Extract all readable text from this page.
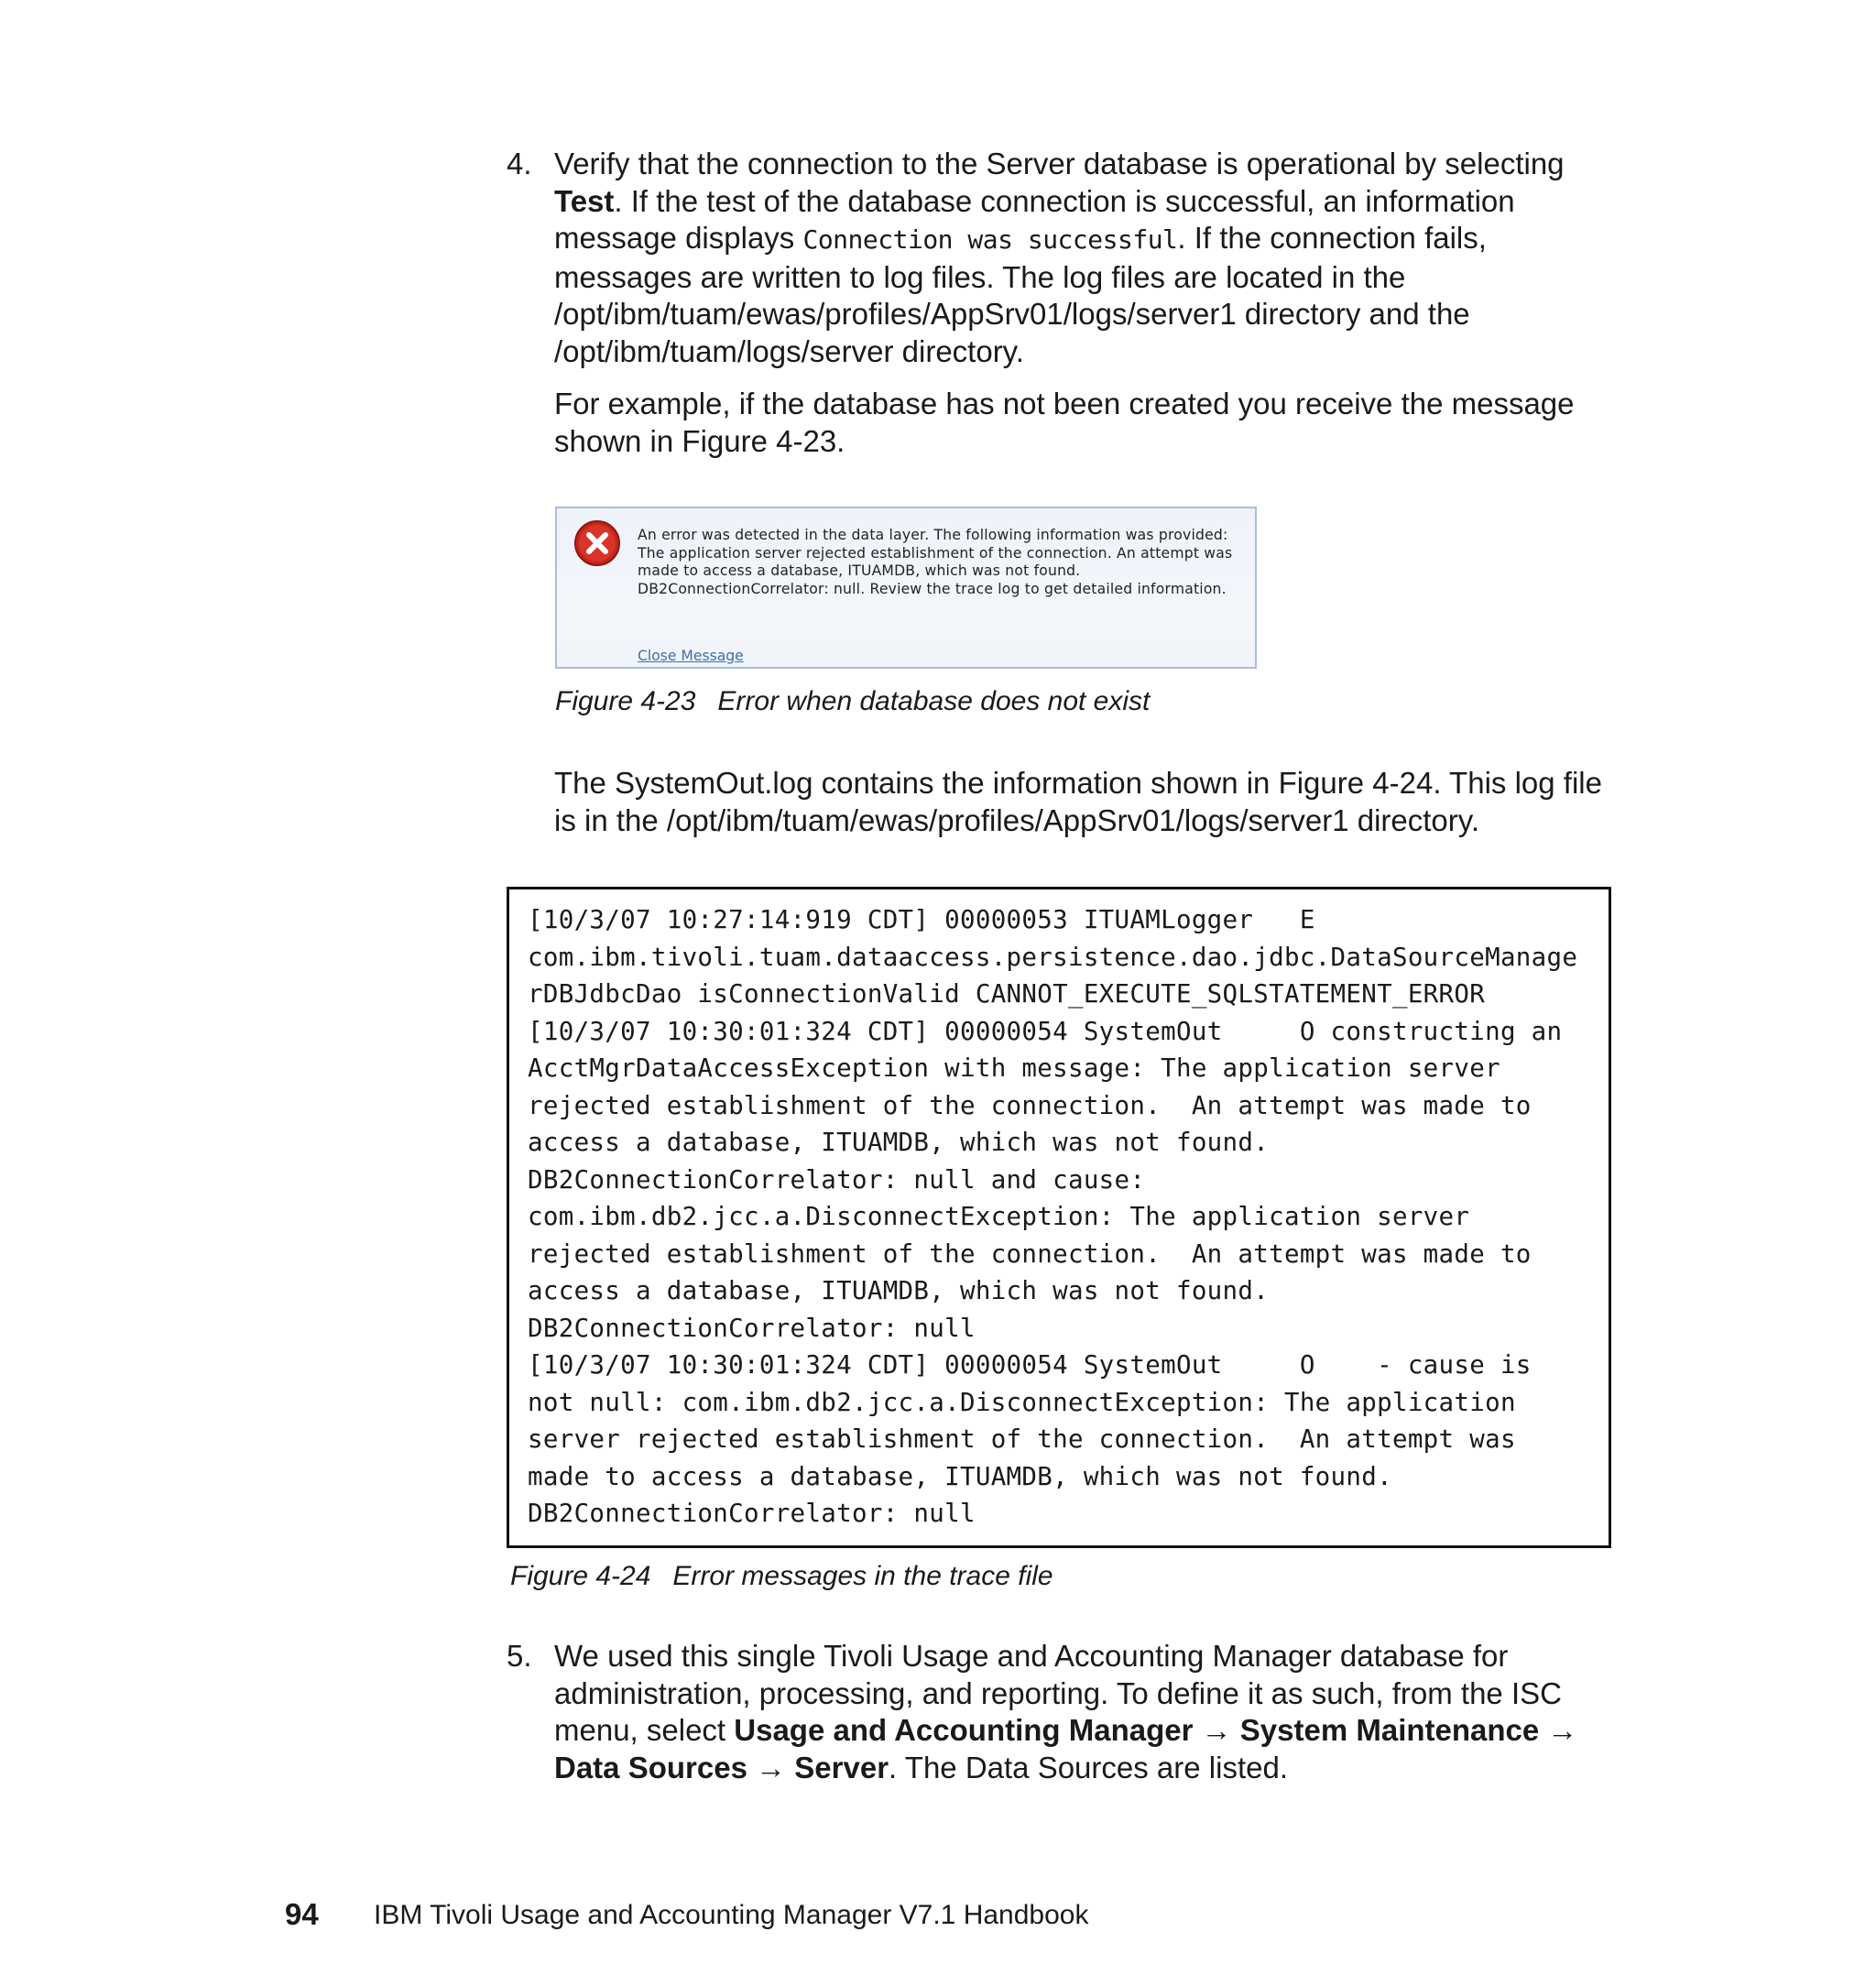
4. Verify that the connection to the Server database is operational by selecting Test. If the test of the database connection is successful, an information message displays Connection was successful. If the connection fails, messages are written to log files. The log files are located in the /opt/ibm/tuam/ewas/profiles/AppSrv01/logs/server1 directory and the /opt/ibm/tuam/logs/server directory.

For example, if the database has not been created you receive the message shown in Figure 4-23.

An error was detected in the data layer. The following information was provided: The application server rejected establishment of the connection. An attempt was made to access a database, ITUAMDB, which was not found. DB2ConnectionCorrelator: null. Review the trace log to get detailed information.
Close Message
Figure 4-23 Error when database does not exist
The SystemOut.log contains the information shown in Figure 4-24. This log file is in the /opt/ibm/tuam/ewas/profiles/AppSrv01/logs/server1 directory.
[10/3/07 10:27:14:919 CDT] 00000053 ITUAMLogger   E
com.ibm.tivoli.tuam.dataaccess.persistence.dao.jdbc.DataSourceManage
rDBJdbcDao isConnectionValid CANNOT_EXECUTE_SQLSTATEMENT_ERROR
[10/3/07 10:30:01:324 CDT] 00000054 SystemOut     O constructing an
AcctMgrDataAccessException with message: The application server
rejected establishment of the connection.  An attempt was made to
access a database, ITUAMDB, which was not found.
DB2ConnectionCorrelator: null and cause:
com.ibm.db2.jcc.a.DisconnectException: The application server
rejected establishment of the connection.  An attempt was made to
access a database, ITUAMDB, which was not found.
DB2ConnectionCorrelator: null
[10/3/07 10:30:01:324 CDT] 00000054 SystemOut     O    - cause is
not null: com.ibm.db2.jcc.a.DisconnectException: The application
server rejected establishment of the connection.  An attempt was
made to access a database, ITUAMDB, which was not found.
DB2ConnectionCorrelator: null
Figure 4-24 Error messages in the trace file
5. We used this single Tivoli Usage and Accounting Manager database for administration, processing, and reporting. To define it as such, from the ISC menu, select Usage and Accounting Manager → System Maintenance → Data Sources → Server. The Data Sources are listed.

94 IBM Tivoli Usage and Accounting Manager V7.1 Handbook
